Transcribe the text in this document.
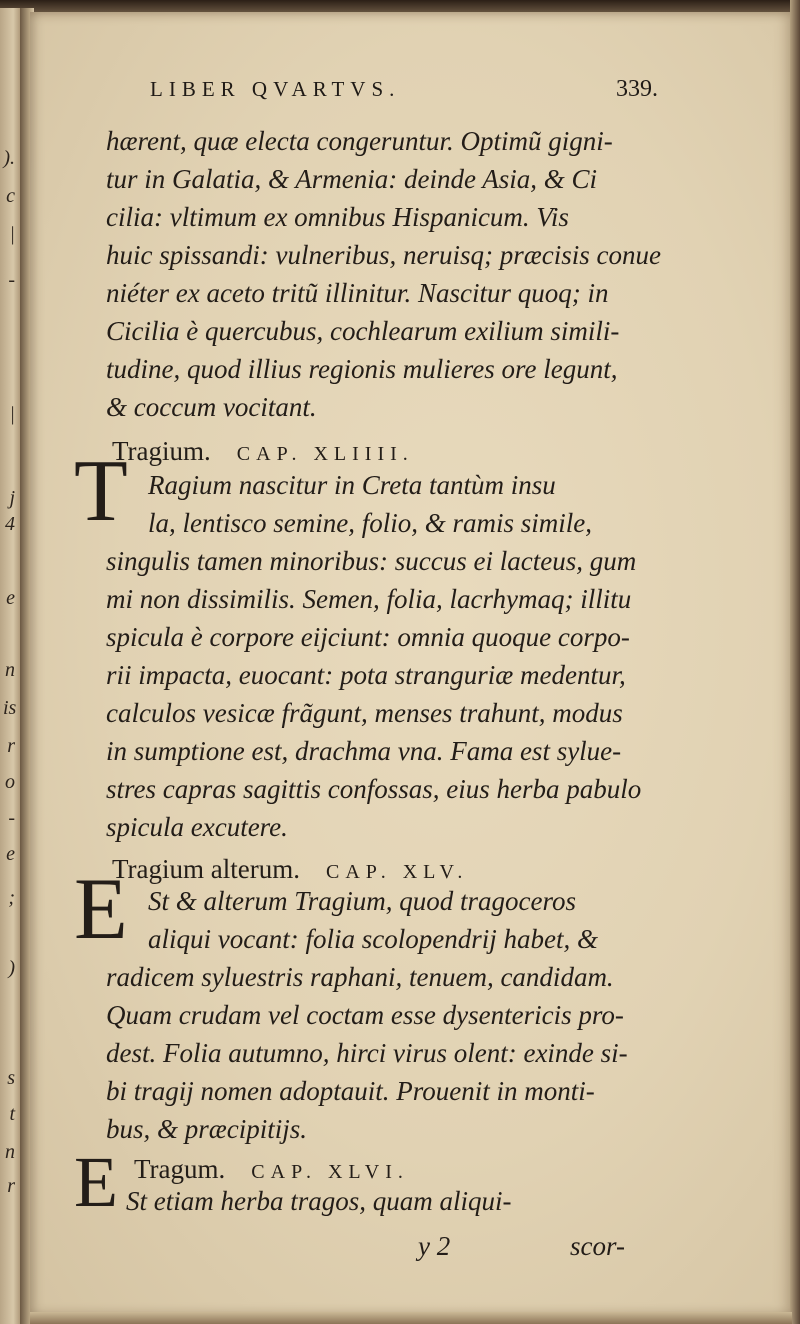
).
c
|
-
|
j
4
e
n
is
r
o
-
e
;
)
s
t
n
r
LIBER QVARTVS.	339.
hærent, quæ electa congeruntur. Optimũ gigni-
tur in Galatia, & Armenia: deinde Asia, & Ci
cilia: vltimum ex omnibus Hispanicum. Vis
huic spissandi: vulneribus, neruisq; præcisis conue
niéter ex aceto tritũ illinitur. Nascitur quoq; in
Cicilia è quercubus, cochlearum exilium simili-
tudine, quod illius regionis mulieres ore legunt,
& coccum vocitant.
Tragium. CAP. XLIIII.
T Ragium nascitur in Creta tantùm insu
la, lentisco semine, folio, & ramis simile,
singulis tamen minoribus: succus ei lacteus, gum
mi non dissimilis. Semen, folia, lacrhymaq; illitu
spicula è corpore eijciunt: omnia quoque corpo-
rii impacta, euocant: pota stranguriæ medentur,
calculos vesicæ frãgunt, menses trahunt, modus
in sumptione est, drachma vna. Fama est sylue-
stres capras sagittis confossas, eius herba pabulo
spicula excutere.
Tragium alterum. CAP. XLV.
E St & alterum Tragium, quod tragoceros
aliqui vocant: folia scolopendrij habet, &
radicem syluestris raphani, tenuem, candidam.
Quam crudam vel coctam esse dysentericis pro-
dest. Folia autumno, hirci virus olent: exinde si-
bi tragij nomen adoptauit. Prouenit in monti-
bus, & præcipitijs.
Tragum. CAP. XLVI.
E St etiam herba tragos, quam aliqui-
y 2	scor-
